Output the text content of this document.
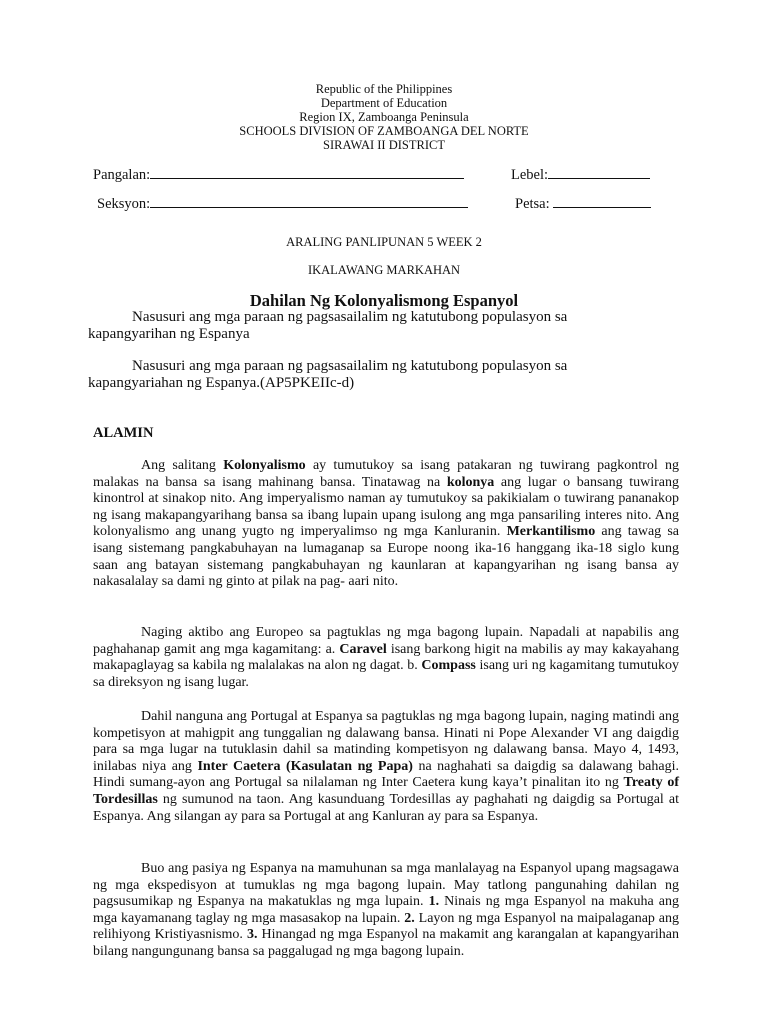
Republic of the Philippines
Department of Education
Region IX, Zamboanga Peninsula
SCHOOLS DIVISION OF ZAMBOANGA DEL NORTE
SIRAWAI II DISTRICT
Pangalan:	Lebel:
Seksyon:	Petsa:
ARALING PANLIPUNAN 5 WEEK 2
IKALAWANG MARKAHAN
Dahilan Ng Kolonyalismong Espanyol

Nasusuri ang mga paraan ng pagsasailalim ng katutubong populasyon sa kapangyarihan ng Espanya

Nasusuri ang mga paraan ng pagsasailalim ng katutubong populasyon sa kapangyariahan ng Espanya.(AP5PKEIIc-d)

ALAMIN

Ang salitang Kolonyalismo ay tumutukoy sa isang patakaran ng tuwirang pagkontrol ng malakas na bansa sa isang mahinang bansa. Tinatawag na kolonya ang lugar o bansang tuwirang kinontrol at sinakop nito. Ang imperyalismo naman ay tumutukoy sa pakikialam o tuwirang pananakop ng isang makapangyarihang bansa sa ibang lupain upang isulong ang mga pansariling interes nito. Ang kolonyalismo ang unang yugto ng imperyalimso ng mga Kanluranin. Merkantilismo ang tawag sa isang sistemang pangkabuhayan na lumaganap sa Europe noong ika-16 hanggang ika-18 siglo kung saan ang batayan sistemang pangkabuhayan ng kaunlaran at kapangyarihan ng isang bansa ay nakasalalay sa dami ng ginto at pilak na pag- aari nito.

Naging aktibo ang Europeo sa pagtuklas ng mga bagong lupain. Napadali at napabilis ang paghahanap gamit ang mga kagamitang: a. Caravel isang barkong higit na mabilis ay may kakayahang makapaglayag sa kabila ng malalakas na alon ng dagat. b. Compass isang uri ng kagamitang tumutukoy sa direksyon ng isang lugar.

Dahil nanguna ang Portugal at Espanya sa pagtuklas ng mga bagong lupain, naging matindi ang kompetisyon at mahigpit ang tunggalian ng dalawang bansa. Hinati ni Pope Alexander VI ang daigdig para sa mga lugar na tutuklasin dahil sa matinding kompetisyon ng dalawang bansa. Mayo 4, 1493, inilabas niya ang Inter Caetera (Kasulatan ng Papa) na naghahati sa daigdig sa dalawang bahagi. Hindi sumang-ayon ang Portugal sa nilalaman ng Inter Caetera kung kaya’t pinalitan ito ng Treaty of Tordesillas ng sumunod na taon. Ang kasunduang Tordesillas ay paghahati ng daigdig sa Portugal at Espanya. Ang silangan ay para sa Portugal at ang Kanluran ay para sa Espanya.

Buo ang pasiya ng Espanya na mamuhunan sa mga manlalayag na Espanyol upang magsagawa ng mga ekspedisyon at tumuklas ng mga bagong lupain. May tatlong pangunahing dahilan ng pagsusumikap ng Espanya na makatuklas ng mga lupain. 1. Ninais ng mga Espanyol na makuha ang mga kayamanang taglay ng mga masasakop na lupain. 2. Layon ng mga Espanyol na maipalaganap ang relihiyong Kristiyasnismo. 3. Hinangad ng mga Espanyol na makamit ang karangalan at kapangyarihan bilang nangungunang bansa sa paggalugad ng mga bagong lupain.
